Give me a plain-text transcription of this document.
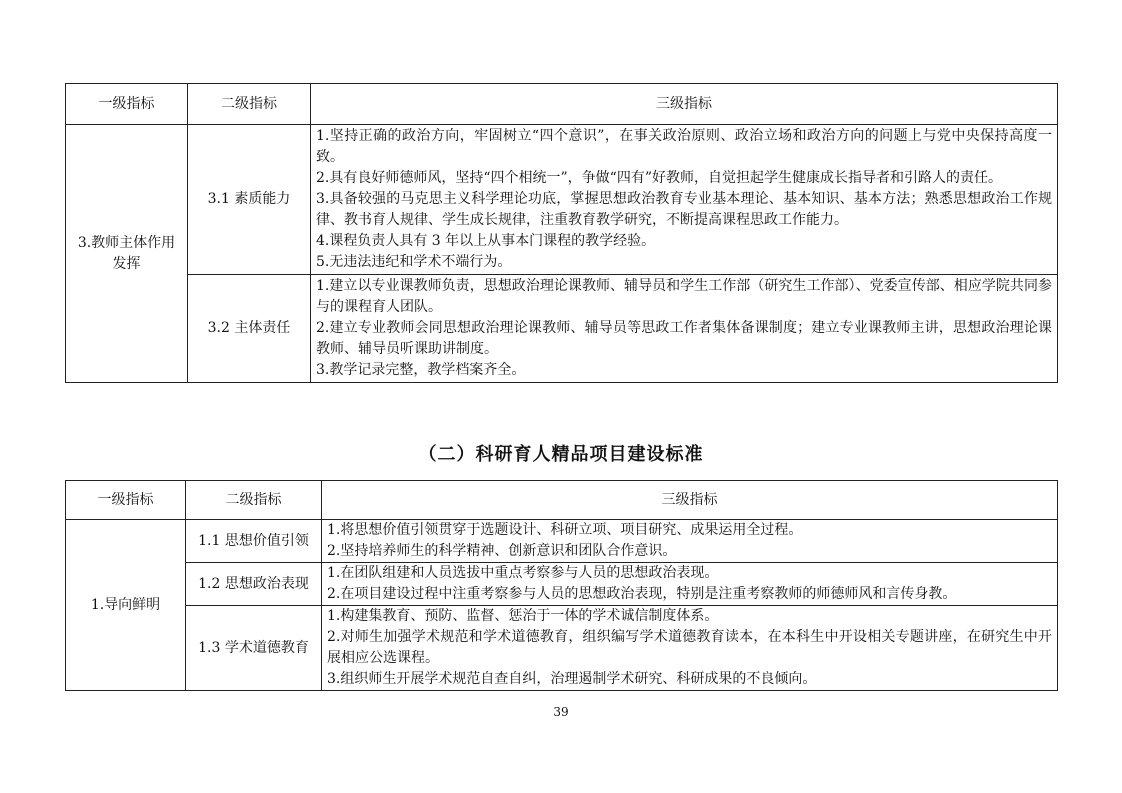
一级指标	二级指标	三级指标
3.教师主体作用发挥	3.1 素质能力	1.坚持正确的政治方向，牢固树立“四个意识”，在事关政治原则、政治立场和政治方向的问题上与党中央保持高度一致。
2.具有良好师德师风，坚持“四个相统一”，争做“四有”好教师，自觉担起学生健康成长指导者和引路人的责任。
3.具备较强的马克思主义科学理论功底，掌握思想政治教育专业基本理论、基本知识、基本方法；熟悉思想政治工作规律、教书育人规律、学生成长规律，注重教育教学研究，不断提高课程思政工作能力。
4.课程负责人具有 3 年以上从事本门课程的教学经验。
5.无违法违纪和学术不端行为。

	3.2 主体责任	1.建立以专业课教师负责，思想政治理论课教师、辅导员和学生工作部（研究生工作部）、党委宣传部、相应学院共同参与的课程育人团队。
2.建立专业教师会同思想政治理论课教师、辅导员等思政工作者集体备课制度；建立专业课教师主讲，思想政治理论课教师、辅导员听课助讲制度。
3.教学记录完整，教学档案齐全。
（二）科研育人精品项目建设标准
一级指标	二级指标	三级指标
1.导向鲜明	1.1 思想价值引领	1.将思想价值引领贯穿于选题设计、科研立项、项目研究、成果运用全过程。
2.坚持培养师生的科学精神、创新意识和团队合作意识。

	1.2 思想政治表现	1.在团队组建和人员选拔中重点考察参与人员的思想政治表现。
2.在项目建设过程中注重考察参与人员的思想政治表现，特别是注重考察教师的师德师风和言传身教。

	1.3 学术道德教育	1.构建集教育、预防、监督、惩治于一体的学术诚信制度体系。
2.对师生加强学术规范和学术道德教育，组织编写学术道德教育读本，在本科生中开设相关专题讲座，在研究生中开展相应公选课程。
3.组织师生开展学术规范自查自纠，治理遏制学术研究、科研成果的不良倾向。
39
